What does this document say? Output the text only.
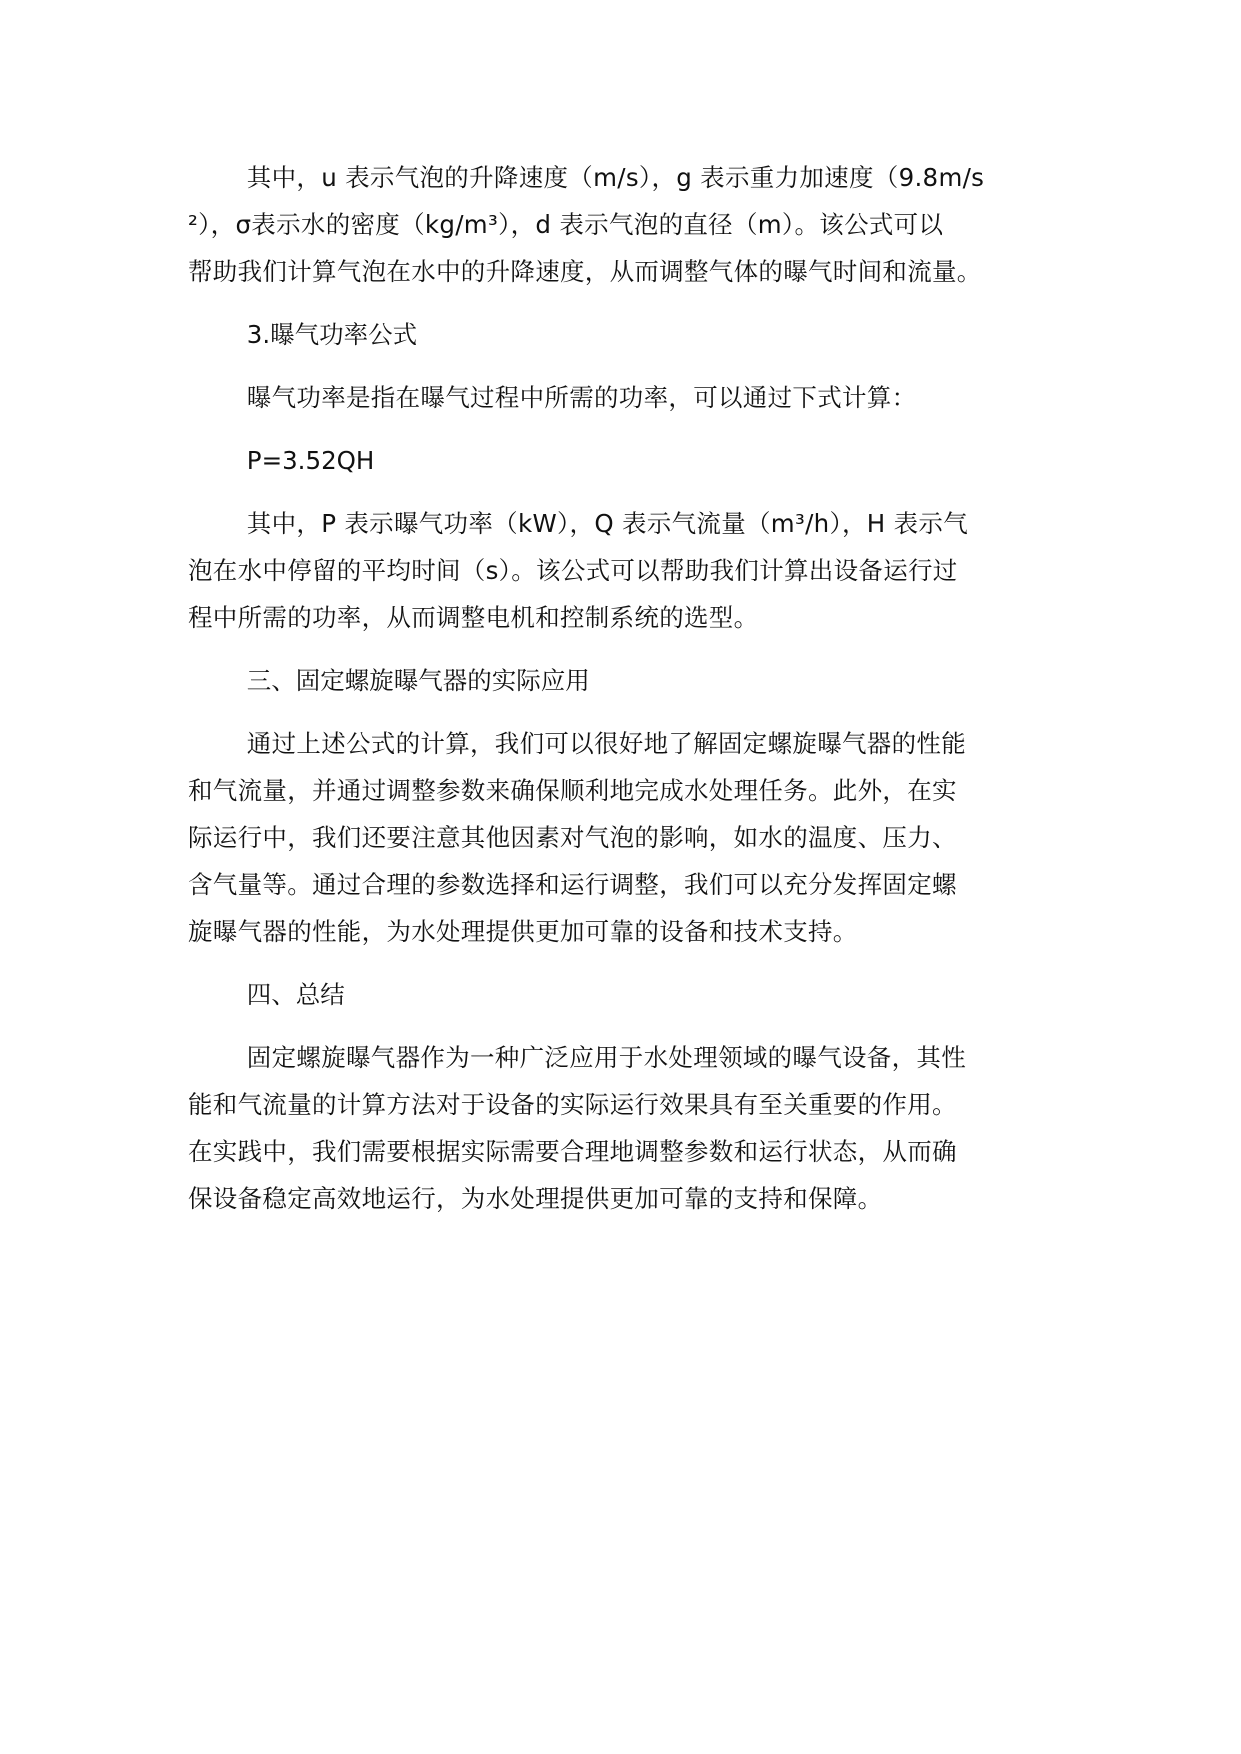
其中，u 表示气泡的升降速度（m/s），g 表示重力加速度（9.8m/s
²），σ表示水的密度（kg/m³），d 表示气泡的直径（m）。该公式可以
帮助我们计算气泡在水中的升降速度，从而调整气体的曝气时间和流量。
3.曝气功率公式
曝气功率是指在曝气过程中所需的功率，可以通过下式计算：
P=3.52QH
其中，P 表示曝气功率（kW），Q 表示气流量（m³/h），H 表示气
泡在水中停留的平均时间（s）。该公式可以帮助我们计算出设备运行过
程中所需的功率，从而调整电机和控制系统的选型。
三、固定螺旋曝气器的实际应用
通过上述公式的计算，我们可以很好地了解固定螺旋曝气器的性能
和气流量，并通过调整参数来确保顺利地完成水处理任务。此外，在实
际运行中，我们还要注意其他因素对气泡的影响，如水的温度、压力、
含气量等。通过合理的参数选择和运行调整，我们可以充分发挥固定螺
旋曝气器的性能，为水处理提供更加可靠的设备和技术支持。
四、总结
固定螺旋曝气器作为一种广泛应用于水处理领域的曝气设备，其性
能和气流量的计算方法对于设备的实际运行效果具有至关重要的作用。
在实践中，我们需要根据实际需要合理地调整参数和运行状态，从而确
保设备稳定高效地运行，为水处理提供更加可靠的支持和保障。
